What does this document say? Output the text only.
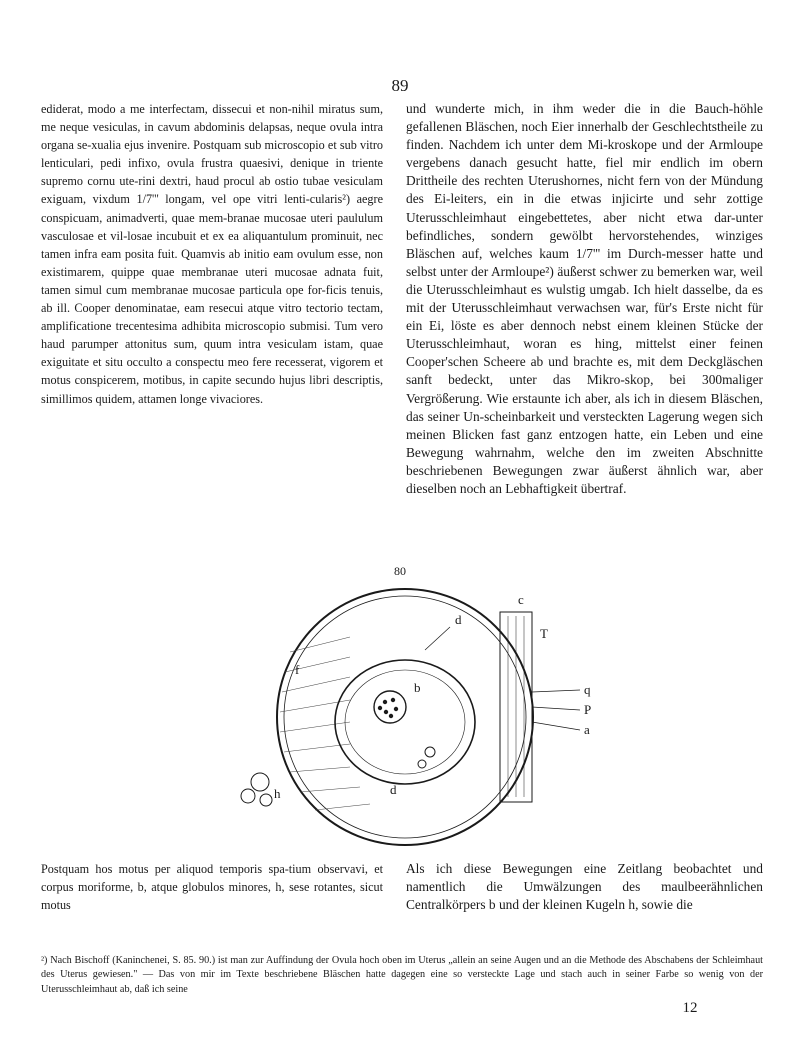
89

ediderat, modo a me interfectam, dissecui et non-nihil miratus sum, me neque vesiculas, in cavum abdominis delapsas, neque ovula intra organa se-xualia ejus invenire. Postquam sub microscopio et sub vitro lenticulari, pedi infixo, ovula frustra quaesivi, denique in triente supremo cornu ute-rini dextri, haud procul ab ostio tubae vesiculam exiguam, vixdum 1/7''' longam, vel ope vitri lenti-cularis²) aegre conspicuam, animadverti, quae mem-branae mucosae uteri paululum vasculosae et vil-losae incubuit et ex ea aliquantulum prominuit, nec tamen infra eam posita fuit. Quamvis ab initio eam ovulum esse, non existimarem, quippe quae membranae uteri mucosae adnata fuit, tamen simul cum membranae mucosae particula ope for-ficis tenuis, ab ill. Cooper denominatae, eam resecui atque vitro tectorio tectam, amplificatione trecentesima adhibita microscopio submisi. Tum vero haud parumper attonitus sum, quum intra vesiculam istam, quae exiguitate et situ occulto a conspectu meo fere recesserat, vigorem et motus conspicerem, motibus, in capite secundo hujus libri descriptis, simillimos quidem, attamen longe vivaciores.

und wunderte mich, in ihm weder die in die Bauch-höhle gefallenen Bläschen, noch Eier innerhalb der Geschlechtstheile zu finden. Nachdem ich unter dem Mi-kroskope und der Armloupe vergebens danach gesucht hatte, fiel mir endlich im obern Drittheile des rechten Uterushornes, nicht fern von der Mündung des Ei-leiters, ein in die etwas injicirte und sehr zottige Uterusschleimhaut eingebettetes, aber nicht etwa dar-unter befindliches, sondern gewölbt hervorstehendes, winziges Bläschen auf, welches kaum 1/7''' im Durch-messer hatte und selbst unter der Armloupe²) äußerst schwer zu bemerken war, weil die Uterusschleimhaut es wulstig umgab. Ich hielt dasselbe, da es mit der Uterusschleimhaut verwachsen war, für's Erste nicht für ein Ei, löste es aber dennoch nebst einem kleinen Stücke der Uterusschleimhaut, woran es hing, mittelst einer feinen Cooper'schen Scheere ab und brachte es, mit dem Deckgläschen sanft bedeckt, unter das Mikro-skop, bei 300maliger Vergrößerung. Wie erstaunte ich aber, als ich in diesem Bläschen, das seiner Un-scheinbarkeit und versteckten Lagerung wegen sich meinen Blicken fast ganz entzogen hatte, ein Leben und eine Bewegung wahrnahm, welche den im zweiten Abschnitte beschriebenen Bewegungen zwar äußerst ähnlich war, aber dieselben noch an Lebhaftigkeit übertraf.

80
c
f
d
b
d
h
T
q
P
a

Postquam hos motus per aliquod temporis spa-tium observavi, et corpus moriforme, b, atque globulos minores, h, sese rotantes, sicut motus

Als ich diese Bewegungen eine Zeitlang beobachtet und namentlich die Umwälzungen des maulbeerähnlichen Centralkörpers b und der kleinen Kugeln h, sowie die

²) Nach Bischoff (Kaninchenei, S. 85. 90.) ist man zur Auffindung der Ovula hoch oben im Uterus „allein an seine Augen und an die Methode des Abschabens der Schleimhaut des Uterus gewiesen." — Das von mir im Texte beschriebene Bläschen hatte dagegen eine so versteckte Lage und stach auch in seiner Farbe so wenig von der Uterusschleimhaut ab, daß ich seine
12
